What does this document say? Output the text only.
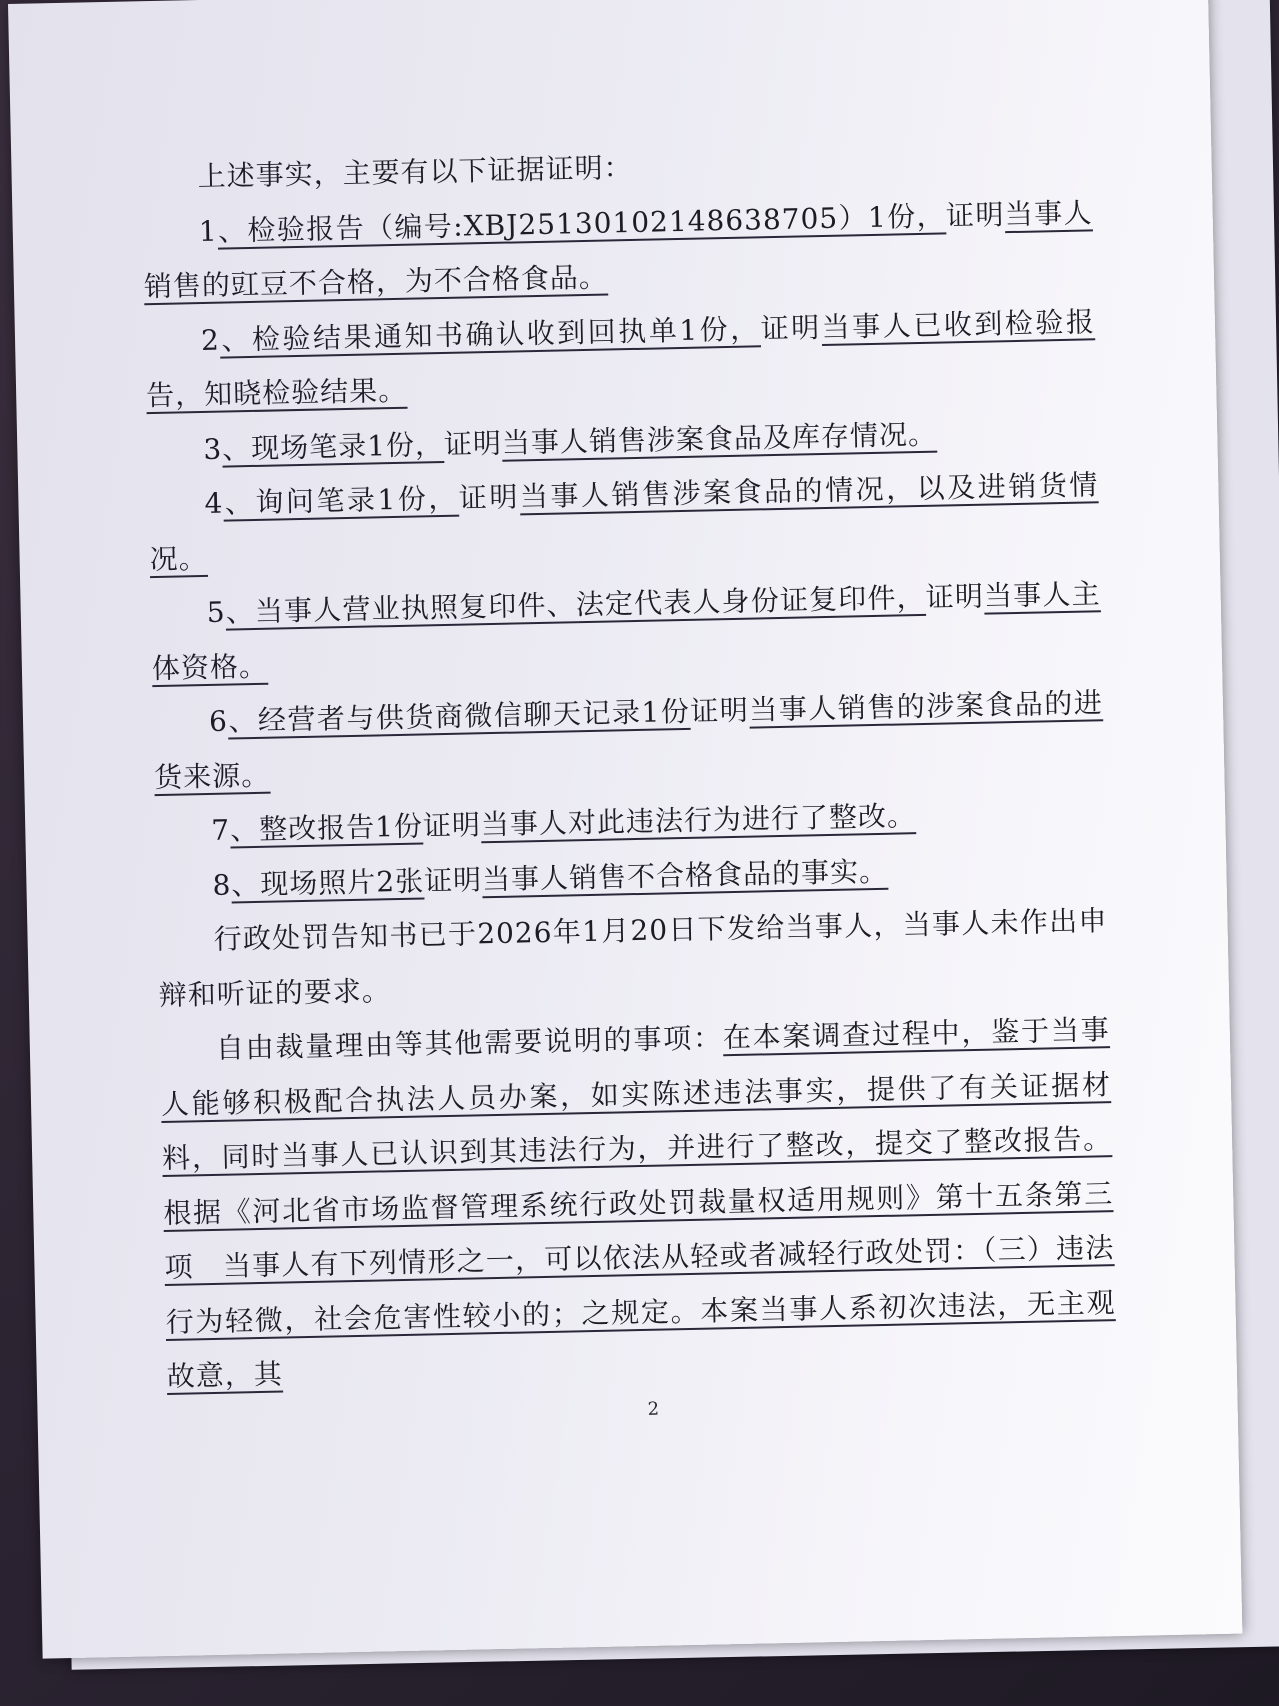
上述事实，主要有以下证据证明：

1、检验报告（编号:XBJ25130102148638705）1份，证明当事人销售的豇豆不合格，为不合格食品。

2、检验结果通知书确认收到回执单1份，证明当事人已收到检验报告，知晓检验结果。

3、现场笔录1份，证明当事人销售涉案食品及库存情况。

4、询问笔录1份，证明当事人销售涉案食品的情况，以及进销货情况。

5、当事人营业执照复印件、法定代表人身份证复印件，证明当事人主体资格。

6、经营者与供货商微信聊天记录1份证明当事人销售的涉案食品的进货来源。

7、整改报告1份证明当事人对此违法行为进行了整改。

8、现场照片2张证明当事人销售不合格食品的事实。

行政处罚告知书已于2026年1月20日下发给当事人，当事人未作出申辩和听证的要求。

自由裁量理由等其他需要说明的事项：在本案调查过程中，鉴于当事人能够积极配合执法人员办案，如实陈述违法事实，提供了有关证据材料，同时当事人已认识到其违法行为，并进行了整改，提交了整改报告。根据《河北省市场监督管理系统行政处罚裁量权适用规则》第十五条第三项　当事人有下列情形之一，可以依法从轻或者减轻行政处罚：（三）违法行为轻微，社会危害性较小的；之规定。本案当事人系初次违法，无主观故意，其

2
